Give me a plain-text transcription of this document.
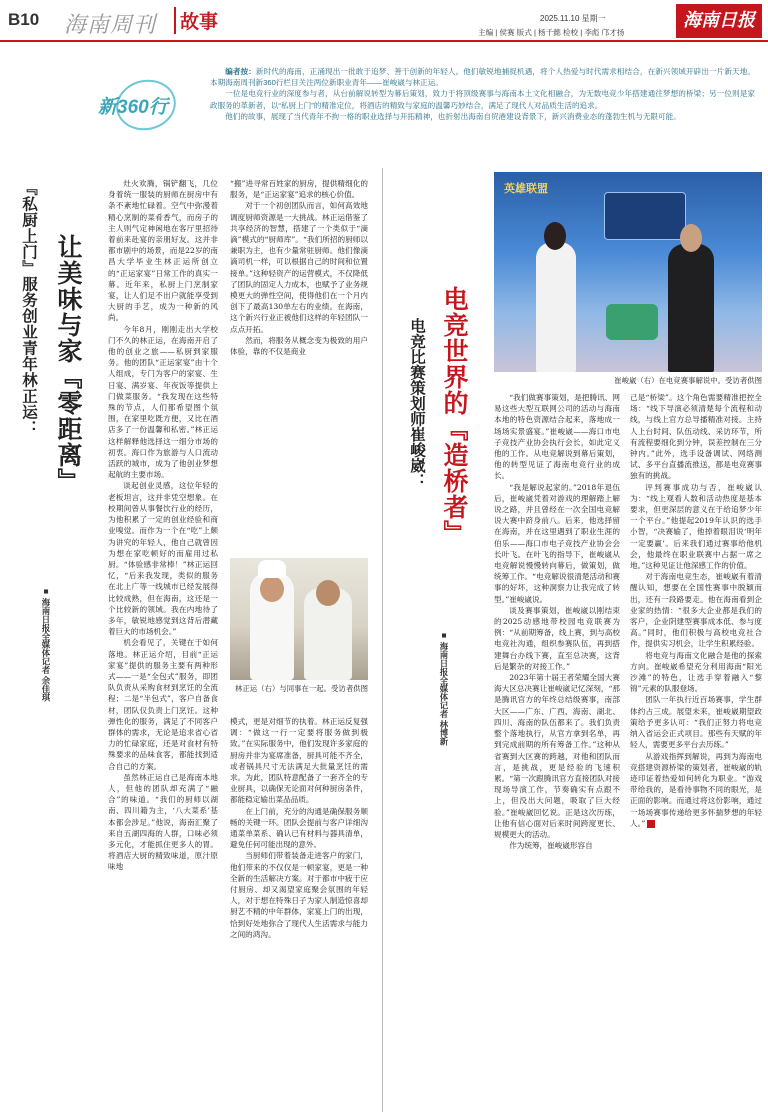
B10 海南周刊	故事	2025.11.10 星期一
主编 | 侯赛 版式 | 杨千懿 检校 | 李彪 邝才扬
海南日报
新360行
编者按：新时代的海南，正涌现出一批敢于追梦、善于创新的年轻人。他们敏锐地捕捉机遇，将个人热爱与时代需求相结合，在新兴领域开辟出一片新天地。本期海南周刊新360行栏目关注两位新职业青年——崔峻崴与林正运。
一位是电竞行业的深度参与者，从台前解说转型为幕后策划，致力于将顶级赛事与海南本土文化相融合，为无数电竞少年搭建通往梦想的桥梁；另一位则是家政服务的革新者，以“私厨上门”的精准定位，将酒店的精致与家庭的温馨巧妙结合，满足了现代人对品质生活的追求。
他们的故事，展现了当代青年不拘一格的职业选择与开拓精神，也折射出海南自贸港建设背景下，新兴消费业态的蓬勃生机与无限可能。
『私厨上门』服务创业青年林正运： 让美味与家『零距离』
■ 海南日报全媒体记者 余佳琪
灶火欢腾，锅铲翻飞，几位身着统一服装的厨师在厨房中有条不紊地忙碌着。空气中弥漫着精心烹制的菜肴香气，而房子的主人则气定神闲地在客厅里招待着前来赴宴的亲朋好友。这并非都市剧中的场景，而是22岁的南昌大学毕业生林正运所创立的“正运家宴”日常工作的真实一幕。近年来，私厨上门烹制家宴，让人们足不出户就能享受到大厨的手艺，成为一种新的风尚。
今年8月，刚刚走出大学校门不久的林正运，在海南开启了他的创业之旅——私厨到家服务。他的团队“正运家宴”由十个人组成，专门为客户的家宴、生日宴、满岁宴、年夜饭等提供上门做菜服务。“我发现在这些特殊的节点，人们都希望图个氛围，在家里吃既方便，又比在酒店多了一份温馨和私密。”林正运这样解释他选择这一细分市场的初衷。海口作为旅游与人口流动活跃的城市，成为了他创业梦想起航的主要市场。
谈起创业灵感，这位年轻的老板坦言，这并非凭空想象。在校期间曾从事餐饮行业的经历，为他积累了一定的创业经验和商业嗅觉。而作为一个在“吃”上颇为讲究的年轻人，他自己就曾因为想在家吃顿好的而雇用过私厨。“体验感非常棒！”林正运回忆，“后来我发现，类似的服务在北上广等一线城市已经发展得比较成熟，但在海南，这还是一个比较新的领域。我在内地待了多年，敏锐地感觉到这背后潜藏着巨大的市场机会。”
机会看见了，关键在于如何落地。林正运介绍，目前“正运家宴”提供的服务主要有两种形式——一是“全包式”服务，即团队负责从采购食材到烹饪的全流程；二是“半包式”，客户自备食材，团队仅负责上门烹饪。这种弹性化的服务，满足了不同客户群体的需求，无论是追求省心省力的忙碌家庭，还是对食材有特殊要求的品味食客，都能找到适合自己的方案。
虽然林正运自己是海南本地人，但他的团队却充满了“融合”的味道。“我们的厨师以湖南、四川籍为主，‘八大菜系’基本都会涉足。”他说，海南汇聚了来自五湖四海的人群，口味必须多元化，才能抓住更多人的胃。将酒店大厨的精致味道，原汁原味地
“搬”进寻常百姓家的厨房，提供精细化的服务，是“正运家宴”追求的核心价值。
对于一个初创团队而言，如何高效地调度厨师资源是一大挑战。林正运借鉴了共享经济的智慧，搭建了一个类似于“滴滴”模式的“厨师库”。“我们所招的厨师以兼职为主，也有少量常驻厨师。他们像滴滴司机一样，可以根据自己的时间和位置接单。”这种轻资产的运营模式，不仅降低了团队的固定人力成本，也赋予了业务规模更大的弹性空间，使得他们在一个月内创下了最高130单左右的业绩。在海南，这个新兴行业正被他们这样的年轻团队一点点开拓。
然而，将服务从概念变为极致的用户体验，靠的不仅是商业
林正运（右）与同事在一起。受访者供图
模式，更是对细节的执着。林正运反复强调：“做这一行一定要将服务做到极致。”在实际服务中，他们发现许多家庭的厨房并非为宴席准备，厨具可能不齐全，或者锅具尺寸无法满足大批量烹饪的需求。为此，团队特意配备了一套齐全的专业厨具，以确保无论面对何种厨房条件，都能稳定输出菜品品质。
在上门前，充分的沟通是确保服务顺畅的关键一环。团队会提前与客户详细沟通菜单菜系、确认已有材料与器具清单，避免任何可能出现的意外。
当厨师们带着装备走进客户的家门，他们带来的不仅仅是一顿家宴，更是一种全新的生活解决方案。对于都市中疲于应付厨房、却又渴望家庭聚会氛围的年轻人，对于想在特殊日子为家人制造惊喜却厨艺不精的中年群体，家宴上门的出现，恰到好处地弥合了现代人生活需求与能力之间的鸿沟。
电竞世界的『造桥者』
电竞比赛策划师崔峻崴：
■ 海南日报全媒体记者 林博新
英雄联盟
崔峻崴（右）在电竞赛事解说中。受访者供图
“我们做赛事策划，是把腾讯、网易这些大型互联网公司的活动与海南本地的特色资源结合起来，落地成一场场实景盛宴。”崔峻崴——海口市电子竞技产业协会执行会长，如此定义他的工作。从电竞解说到幕后策划，他的转型见证了海南电竞行业的成长。
“我是解说起家的。”2018年退伍后，崔峻崴凭着对游戏的理解踏上解说之路，并且曾经在一次全国电竞解说大赛中跻身前八。后来，他选择留在海南，并在这里遇到了职业生涯的伯乐——海口市电子竞技产业协会会长叶飞。在叶飞的指导下，崔峻崴从电竞解说慢慢转向幕后，做策划，做统筹工作。“电竞解说很清楚活动和赛事的好坏，这种洞察力让我完成了转型。”崔峻崴说。
谈及赛事策划，崔峻崴以刚结束的2025动感地带校园电竞联赛为例：“从前期筹备，线上赛，到与高校电竞社沟通，组织参赛队伍，再到搭建舞台办线下赛，直至总决赛，这背后是繁杂的对接工作。”
2023年第十届王者荣耀全国大赛海大区总决赛让崔峻崴记忆深刻，“那是腾讯官方的年终总结级赛事，南部大区——广东、广西、海南、湖北、四川、海南的队伍都来了。我们负责整个落地执行，从官方拿到名单，再到完成前期的所有筹备工作。”这种从省赛到大区赛的跨越，对他和团队而言，是挑战，更是经验的飞速积累。“第一次跟腾讯官方直接团队对接现场导演工作，节奏确实有点跟不上，但没出大问题，吸取了巨大经验。”崔峻崴回忆说。正是这次历练，让他有信心面对后来时间跨度更长、规模更大的活动。
作为统筹，崔峻崴形容自
己是“桥梁”。这个角色需要精准把控全场：“线下导演必须清楚每个流程和动线，与线上官方总导播精准对接。主持人上台时间、队伍动线、采访环节，所有流程要细化到分钟，误差控制在三分钟内。”此外，选手设备调试、网络测试、多平台直播流推送，都是电竞赛事独有的挑战。
评判赛事成功与否，崔峻崴认为：“线上观看人数和活动热度是基本要求，但更深层的意义在于给追梦少年一个平台。”他提起2019年认识的选手小智，“决赛输了，他掉着眼泪说‘明年一定要赢’。后来我们通过赛事给他机会，他最终在职业联赛中占据一席之地。”这种见证让他深感工作的价值。
对于海南电竞生态，崔峻崴有着清醒认知，想要在全国性赛事中脱颖而出，还有一段路要走。他在海南看到企业家的热情：“很多大企业都是我们的客户，企业阴建型赛事成本低、参与度高。”同时，他们积极与高校电竞社合作，提供实习机会，让学生积累经验。
将电竞与海南文化融合是他的探索方向。崔峻崴希望充分利用海南“阳光沙滩”的特色，让选手穿着融入“黎锦”元素的队服登场。
团队一年执行近百场赛事，学生群体约占三成。展望未来，崔峻崴期望政策给予更多认可：“我们正努力将电竞纳入省运会正式项目。那些有天赋的年轻人，需要更多平台去历练。”
从游戏指挥到解说，再到为海南电竞搭建资源桥梁的策划者，崔峻崴的轨迹印证着热爱如何转化为职业。“游戏带给我的，是看待事物不同的眼光，是正面的影响。而通过将这份影响，通过一场场赛事传递给更多怀揣梦想的年轻人。”	■
